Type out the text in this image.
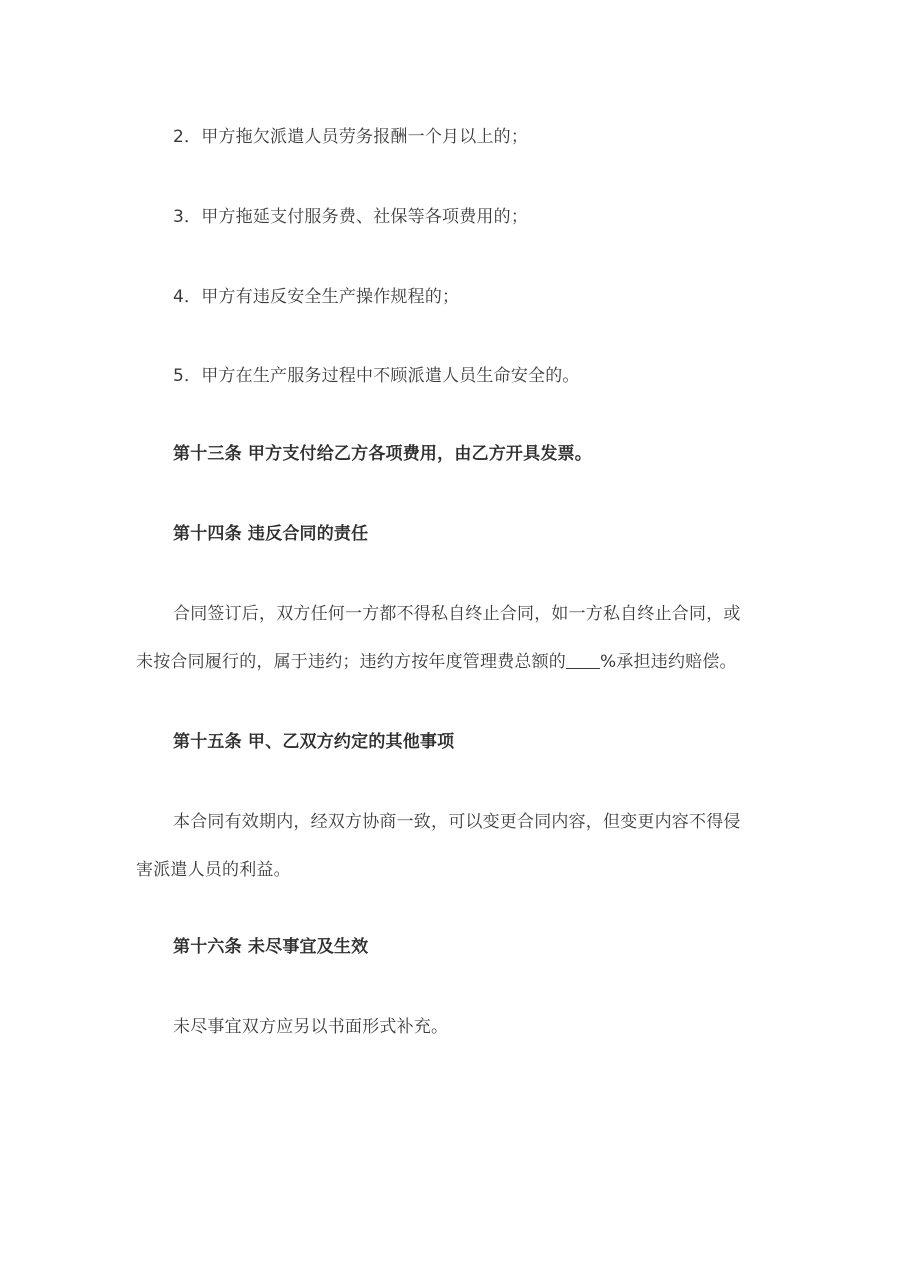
2．甲方拖欠派遣人员劳务报酬一个月以上的；
3．甲方拖延支付服务费、社保等各项费用的；
4．甲方有违反安全生产操作规程的；
5．甲方在生产服务过程中不顾派遣人员生命安全的。
第十三条 甲方支付给乙方各项费用，由乙方开具发票。
第十四条 违反合同的责任
合同签订后，双方任何一方都不得私自终止合同，如一方私自终止合同，或
未按合同履行的，属于违约；违约方按年度管理费总额的 %承担违约赔偿。
第十五条 甲、乙双方约定的其他事项
本合同有效期内，经双方协商一致，可以变更合同内容，但变更内容不得侵
害派遣人员的利益。
第十六条 未尽事宜及生效
未尽事宜双方应另以书面形式补充。
